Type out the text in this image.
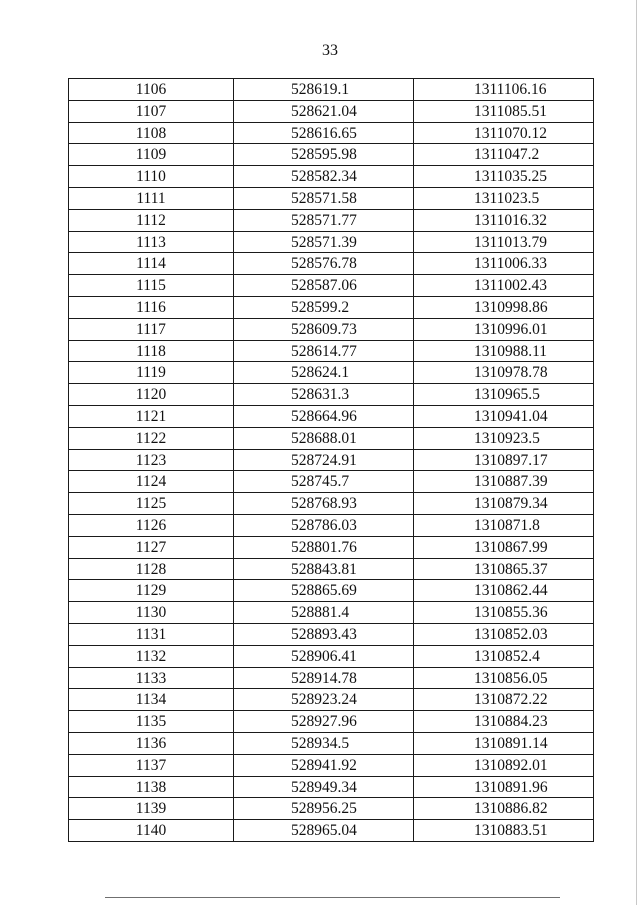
33
1106	528619.1	1311106.16
1107	528621.04	1311085.51
1108	528616.65	1311070.12
1109	528595.98	1311047.2
1110	528582.34	1311035.25
1111	528571.58	1311023.5
1112	528571.77	1311016.32
1113	528571.39	1311013.79
1114	528576.78	1311006.33
1115	528587.06	1311002.43
1116	528599.2	1310998.86
1117	528609.73	1310996.01
1118	528614.77	1310988.11
1119	528624.1	1310978.78
1120	528631.3	1310965.5
1121	528664.96	1310941.04
1122	528688.01	1310923.5
1123	528724.91	1310897.17
1124	528745.7	1310887.39
1125	528768.93	1310879.34
1126	528786.03	1310871.8
1127	528801.76	1310867.99
1128	528843.81	1310865.37
1129	528865.69	1310862.44
1130	528881.4	1310855.36
1131	528893.43	1310852.03
1132	528906.41	1310852.4
1133	528914.78	1310856.05
1134	528923.24	1310872.22
1135	528927.96	1310884.23
1136	528934.5	1310891.14
1137	528941.92	1310892.01
1138	528949.34	1310891.96
1139	528956.25	1310886.82
1140	528965.04	1310883.51
